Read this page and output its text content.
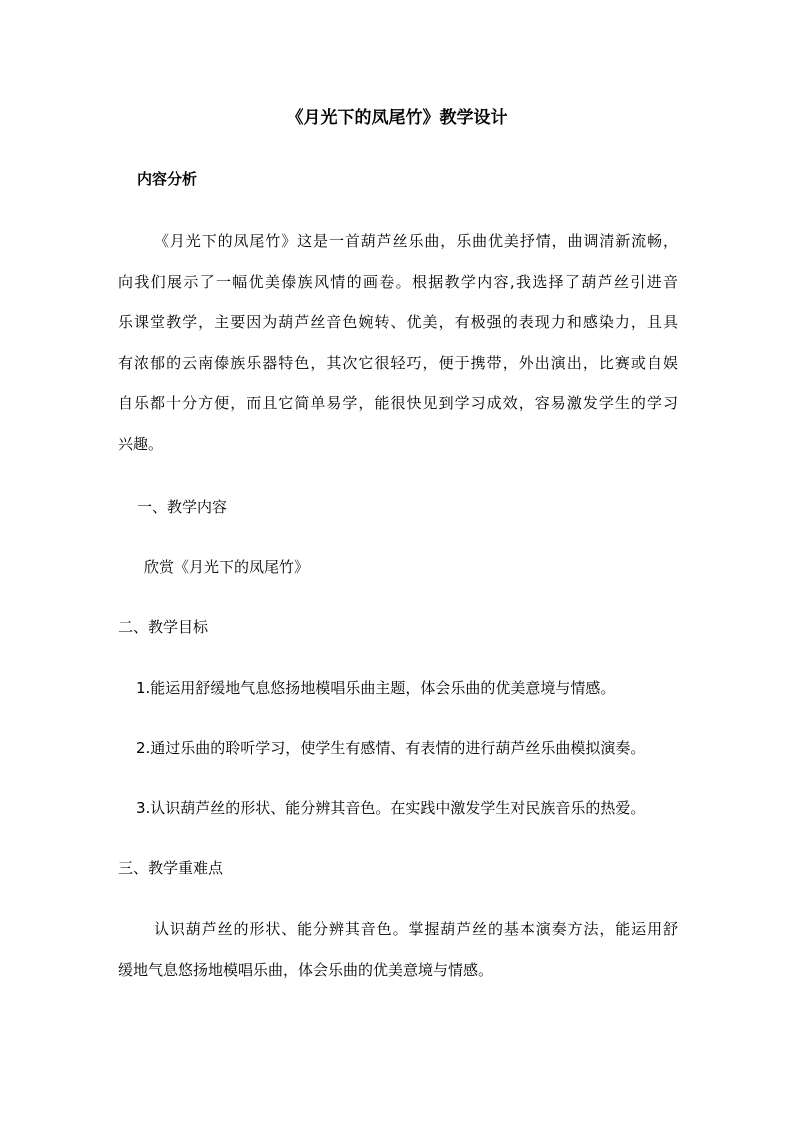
《月光下的凤尾竹》教学设计
内容分析
《月光下的凤尾竹》这是一首葫芦丝乐曲，乐曲优美抒情，曲调清新流畅，
向我们展示了一幅优美傣族风情的画卷。根据教学内容,我选择了葫芦丝引进音
乐课堂教学，主要因为葫芦丝音色婉转、优美，有极强的表现力和感染力，且具
有浓郁的云南傣族乐器特色，其次它很轻巧，便于携带，外出演出，比赛或自娱
自乐都十分方便，而且它简单易学，能很快见到学习成效，容易激发学生的学习
兴趣。
一、教学内容
欣赏《月光下的凤尾竹》
二、教学目标
1.能运用舒缓地气息悠扬地模唱乐曲主题，体会乐曲的优美意境与情感。
2.通过乐曲的聆听学习，使学生有感情、有表情的进行葫芦丝乐曲模拟演奏。
3.认识葫芦丝的形状、能分辨其音色。在实践中激发学生对民族音乐的热爱。
三、教学重难点
认识葫芦丝的形状、能分辨其音色。掌握葫芦丝的基本演奏方法，能运用舒
缓地气息悠扬地模唱乐曲，体会乐曲的优美意境与情感。
